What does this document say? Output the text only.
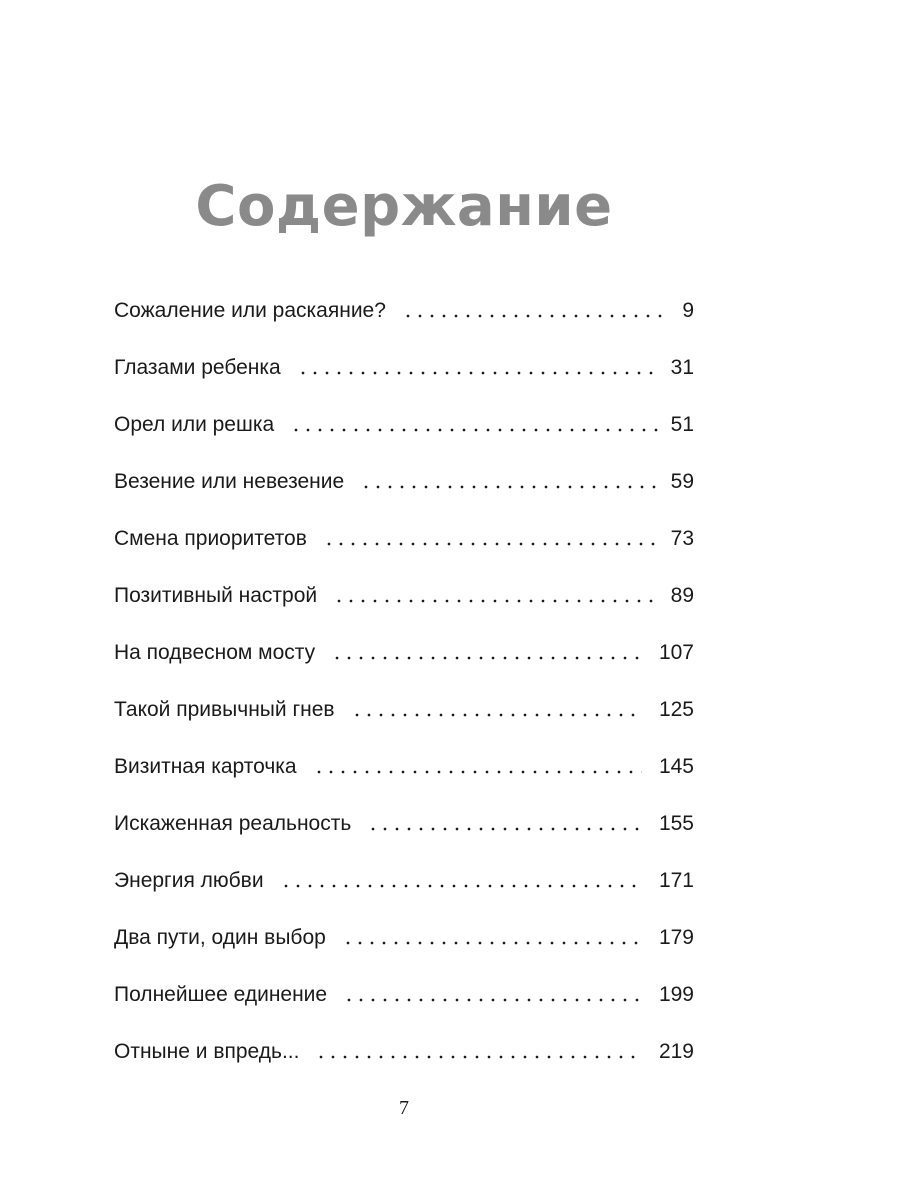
Содержание
Сожаление или раскаяние?	9
Глазами ребенка	31
Орел или решка	51
Везение или невезение	59
Смена приоритетов	73
Позитивный настрой	89
На подвесном мосту	107
Такой привычный гнев	125
Визитная карточка	145
Искаженная реальность	155
Энергия любви	171
Два пути, один выбор	179
Полнейшее единение	199
Отныне и впредь...	219
7
